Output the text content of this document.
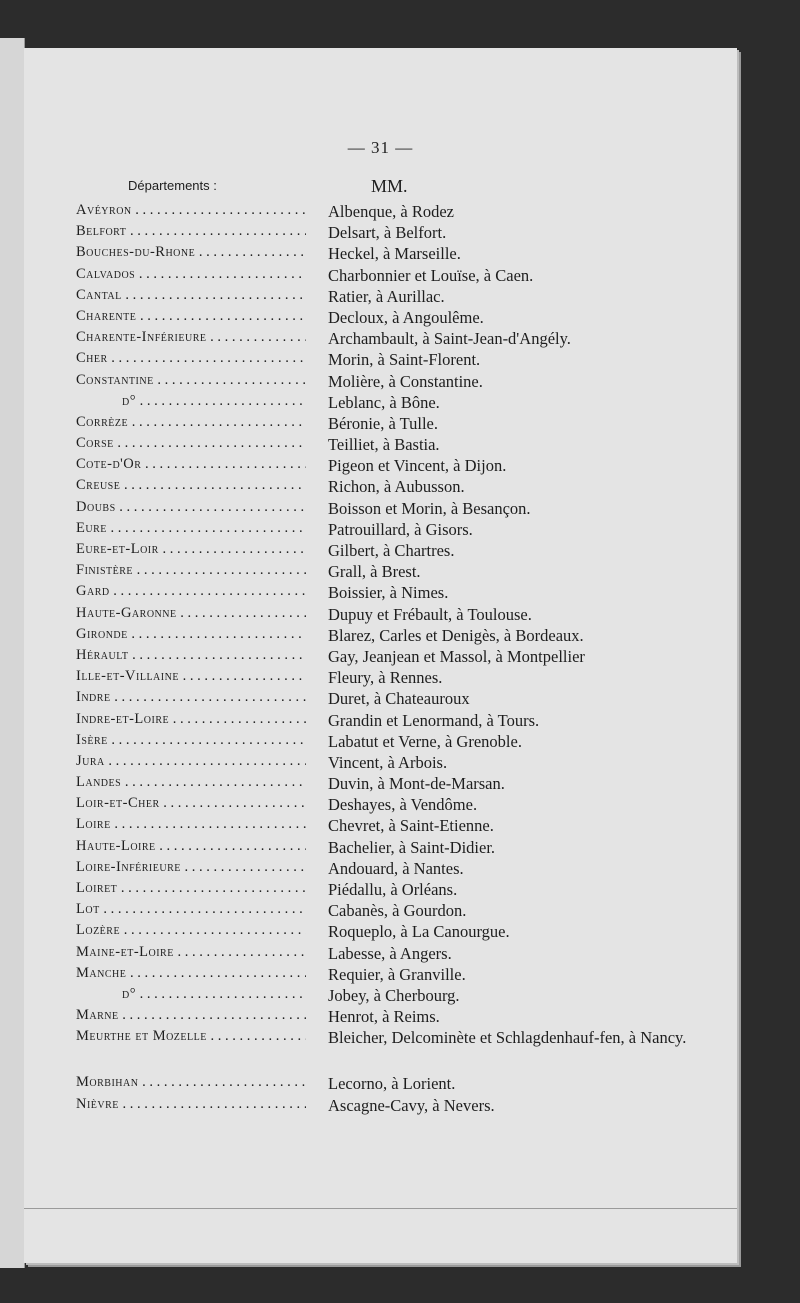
— 31 —
Départements :	MM.
Avéyron . . .	Albenque, à Rodez
Belfort . . .	Delsart, à Belfort.
Bouches-du-Rhone . . .	Heckel, à Marseille.
Calvados . . .	Charbonnier et Louïse, à Caen.
Cantal . . .	Ratier, à Aurillac.
Charente . . .	Decloux, à Angoulême.
Charente-Inférieure . . .	Archambault, à Saint-Jean-d'Angély.
Cher . . .	Morin, à Saint-Florent.
Constantine . . .	Molière, à Constantine.
d° . . .	Leblanc, à Bône.
Corrèze . . .	Béronie, à Tulle.
Corse . . .	Teilliet, à Bastia.
Cote-d'Or . . .	Pigeon et Vincent, à Dijon.
Creuse . . .	Richon, à Aubusson.
Doubs . . .	Boisson et Morin, à Besançon.
Eure . . .	Patrouillard, à Gisors.
Eure-et-Loir . . .	Gilbert, à Chartres.
Finistère . . .	Grall, à Brest.
Gard . . .	Boissier, à Nimes.
Haute-Garonne . . .	Dupuy et Frébault, à Toulouse.
Gironde . . .	Blarez, Carles et Denigès, à Bordeaux.
Hérault . . .	Gay, Jeanjean et Massol, à Montpellier
Ille-et-Villaine . . .	Fleury, à Rennes.
Indre . . .	Duret, à Chateauroux
Indre-et-Loire . . .	Grandin et Lenormand, à Tours.
Isère . . .	Labatut et Verne, à Grenoble.
Jura . . .	Vincent, à Arbois.
Landes . . .	Duvin, à Mont-de-Marsan.
Loir-et-Cher . . .	Deshayes, à Vendôme.
Loire . . .	Chevret, à Saint-Etienne.
Haute-Loire . . .	Bachelier, à Saint-Didier.
Loire-Inférieure . . .	Andouard, à Nantes.
Loiret . . .	Piédallu, à Orléans.
Lot . . .	Cabanès, à Gourdon.
Lozère . . .	Roqueplo, à La Canourgue.
Maine-et-Loire . . .	Labesse, à Angers.
Manche . . .	Requier, à Granville.
d° . . .	Jobey, à Cherbourg.
Marne . . .	Henrot, à Reims.
Meurthe et Mozelle . . .	Bleicher, Delcominète et Schlagdenhauf-fen, à Nancy.
Morbihan . . .	Lecorno, à Lorient.
Nièvre . . .	Ascagne-Cavy, à Nevers.
